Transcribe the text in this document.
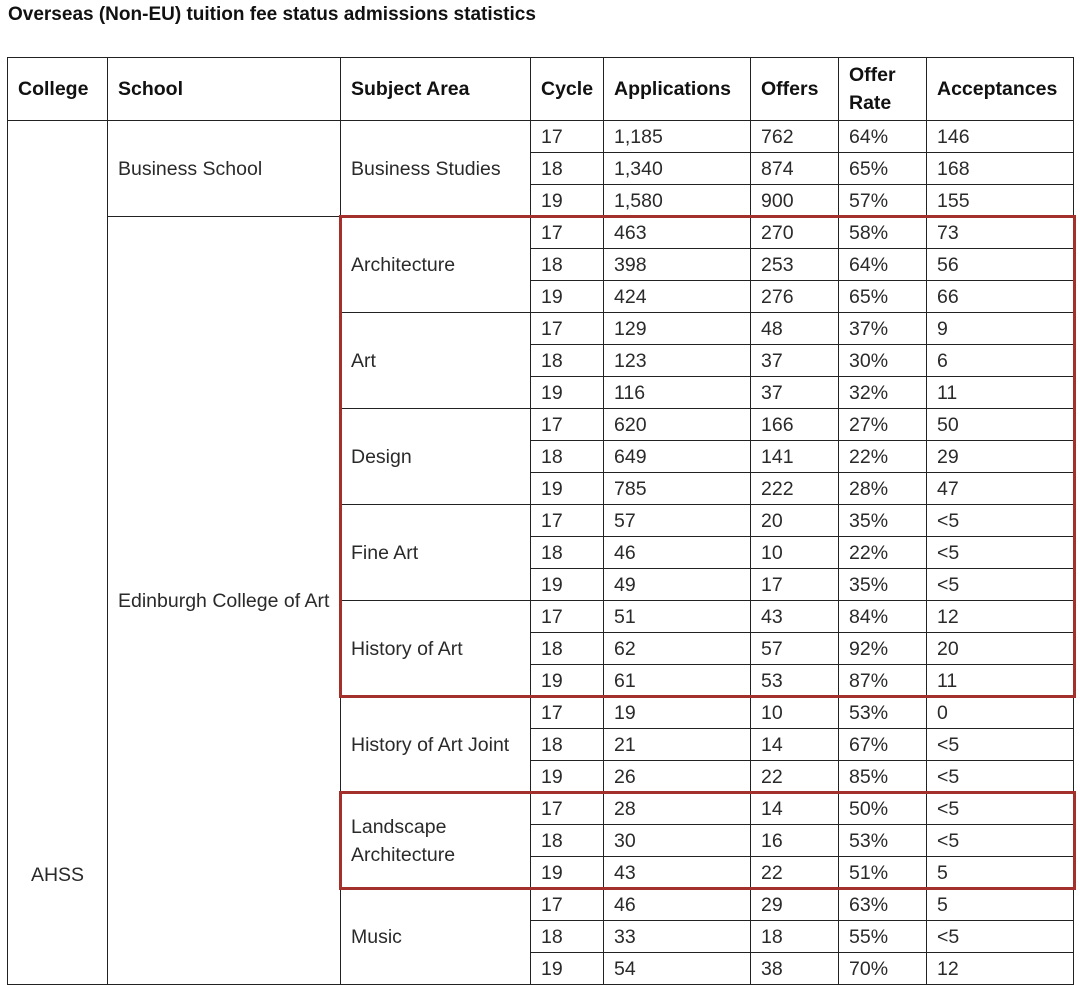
Overseas (Non-EU) tuition fee status admissions statistics
College	School	Subject Area	Cycle	Applications	Offers	Offer Rate	Acceptances
AHSS	Business School	Business Studies	17	1,185	762	64%	146
			18	1,340	874	65%	168
			19	1,580	900	57%	155
	Edinburgh College of Art	Architecture	17	463	270	58%	73
			18	398	253	64%	56
			19	424	276	65%	66
		Art	17	129	48	37%	9
			18	123	37	30%	6
			19	116	37	32%	11
		Design	17	620	166	27%	50
			18	649	141	22%	29
			19	785	222	28%	47
		Fine Art	17	57	20	35%	<5
			18	46	10	22%	<5
			19	49	17	35%	<5
		History of Art	17	51	43	84%	12
			18	62	57	92%	20
			19	61	53	87%	11
		History of Art Joint	17	19	10	53%	0
			18	21	14	67%	<5
			19	26	22	85%	<5
		Landscape Architecture	17	28	14	50%	<5
			18	30	16	53%	<5
			19	43	22	51%	5
		Music	17	46	29	63%	5
			18	33	18	55%	<5
			19	54	38	70%	12
